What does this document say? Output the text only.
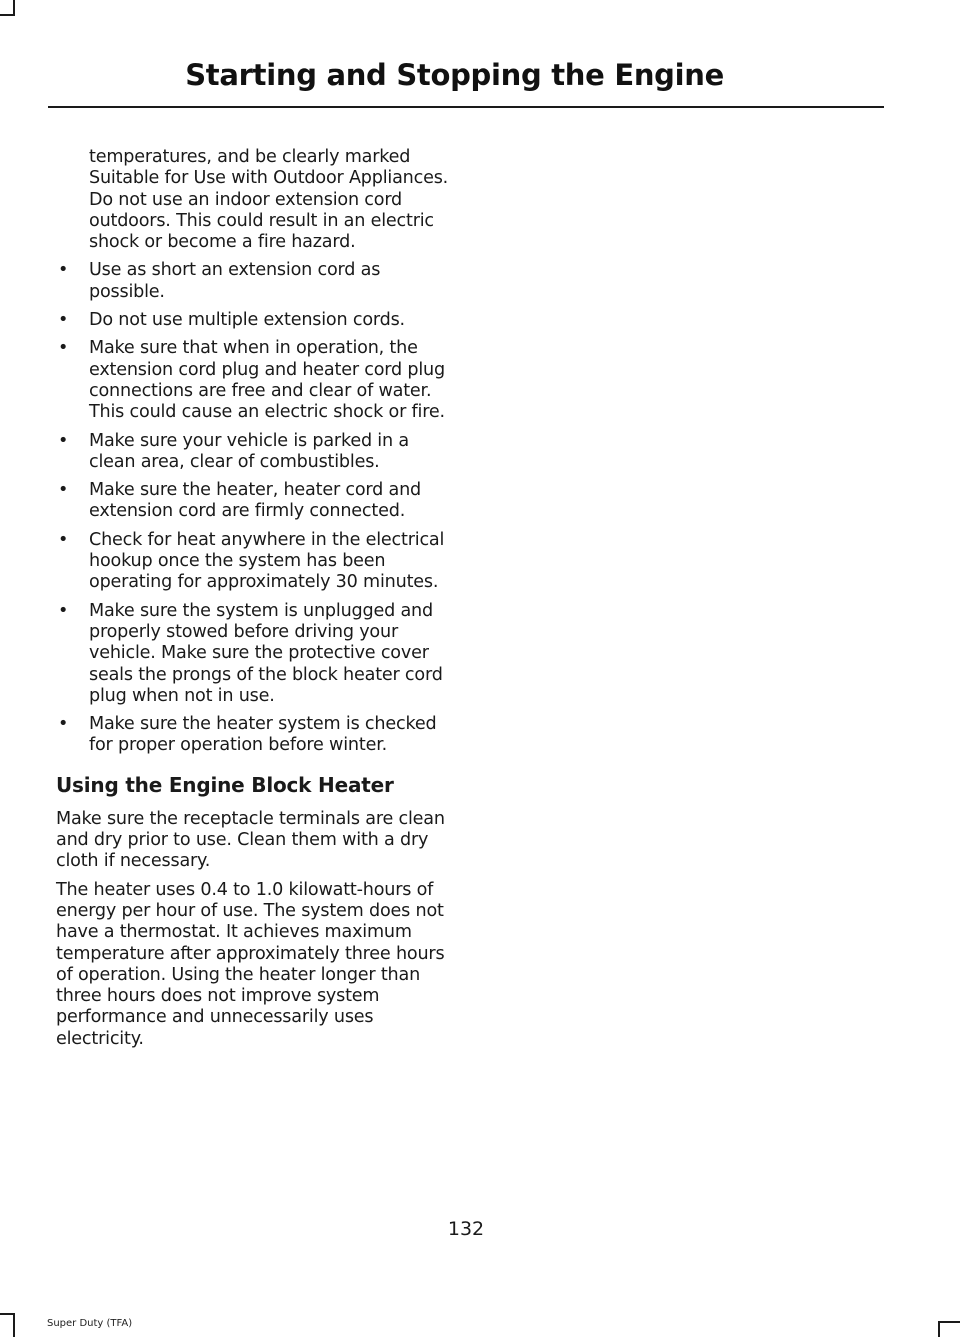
Starting and Stopping the Engine

temperatures, and be clearly marked Suitable for Use with Outdoor Appliances. Do not use an indoor extension cord outdoors. This could result in an electric shock or become a fire hazard.

• Use as short an extension cord as possible.
• Do not use multiple extension cords.
• Make sure that when in operation, the extension cord plug and heater cord plug connections are free and clear of water. This could cause an electric shock or fire.
• Make sure your vehicle is parked in a clean area, clear of combustibles.
• Make sure the heater, heater cord and extension cord are firmly connected.
• Check for heat anywhere in the electrical hookup once the system has been operating for approximately 30 minutes.
• Make sure the system is unplugged and properly stowed before driving your vehicle. Make sure the protective cover seals the prongs of the block heater cord plug when not in use.
• Make sure the heater system is checked for proper operation before winter.
Using the Engine Block Heater

Make sure the receptacle terminals are clean and dry prior to use. Clean them with a dry cloth if necessary.

The heater uses 0.4 to 1.0 kilowatt-hours of energy per hour of use. The system does not have a thermostat. It achieves maximum temperature after approximately three hours of operation. Using the heater longer than three hours does not improve system performance and unnecessarily uses electricity.

132
Super Duty (TFA)
